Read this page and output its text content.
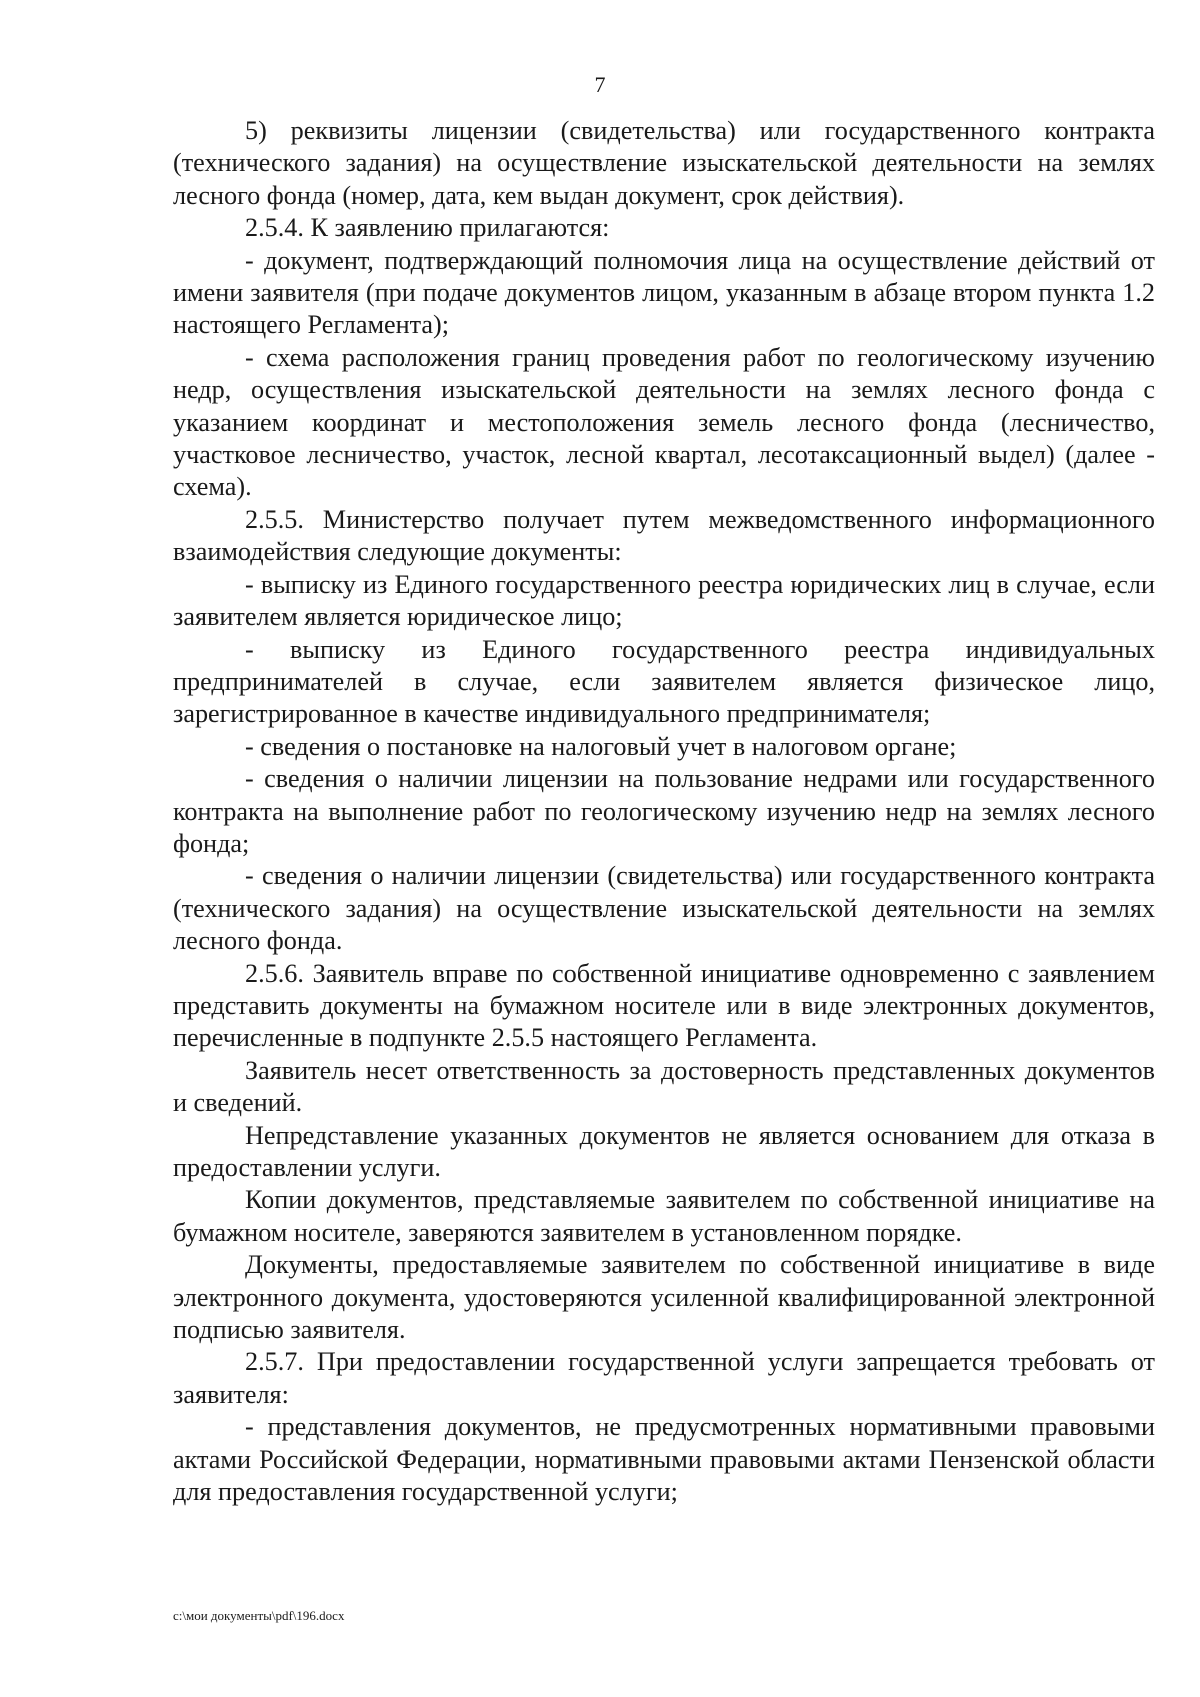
7

5) реквизиты лицензии (свидетельства) или государственного контракта (технического задания) на осуществление изыскательской деятельности на землях лесного фонда (номер, дата, кем выдан документ, срок действия).

2.5.4. К заявлению прилагаются:

- документ, подтверждающий полномочия лица на осуществление действий от имени заявителя (при подаче документов лицом, указанным в абзаце втором пункта 1.2 настоящего Регламента);

- схема расположения границ проведения работ по геологическому изучению недр, осуществления изыскательской деятельности на землях лесного фонда с указанием координат и местоположения земель лесного фонда (лесничество, участковое лесничество, участок, лесной квартал, лесотаксационный выдел) (далее - схема).

2.5.5. Министерство получает путем межведомственного информационного взаимодействия следующие документы:

- выписку из Единого государственного реестра юридических лиц в случае, если заявителем является юридическое лицо;

- выписку из Единого государственного реестра индивидуальных предпринимателей в случае, если заявителем является физическое лицо, зарегистрированное в качестве индивидуального предпринимателя;

- сведения о постановке на налоговый учет в налоговом органе;

- сведения о наличии лицензии на пользование недрами или государственного контракта на выполнение работ по геологическому изучению недр на землях лесного фонда;

- сведения о наличии лицензии (свидетельства) или государственного контракта (технического задания) на осуществление изыскательской деятельности на землях лесного фонда.

2.5.6. Заявитель вправе по собственной инициативе одновременно с заявлением представить документы на бумажном носителе или в виде электронных документов, перечисленные в подпункте 2.5.5 настоящего Регламента.

Заявитель несет ответственность за достоверность представленных документов и сведений.

Непредставление указанных документов не является основанием для отказа в предоставлении услуги.

Копии документов, представляемые заявителем по собственной инициативе на бумажном носителе, заверяются заявителем в установленном порядке.

Документы, предоставляемые заявителем по собственной инициативе в виде электронного документа, удостоверяются усиленной квалифицированной электронной подписью заявителя.

2.5.7. При предоставлении государственной услуги запрещается требовать от заявителя:

- представления документов, не предусмотренных нормативными правовыми актами Российской Федерации, нормативными правовыми актами Пензенской области для предоставления государственной услуги;

c:\мои документы\pdf\196.docx
